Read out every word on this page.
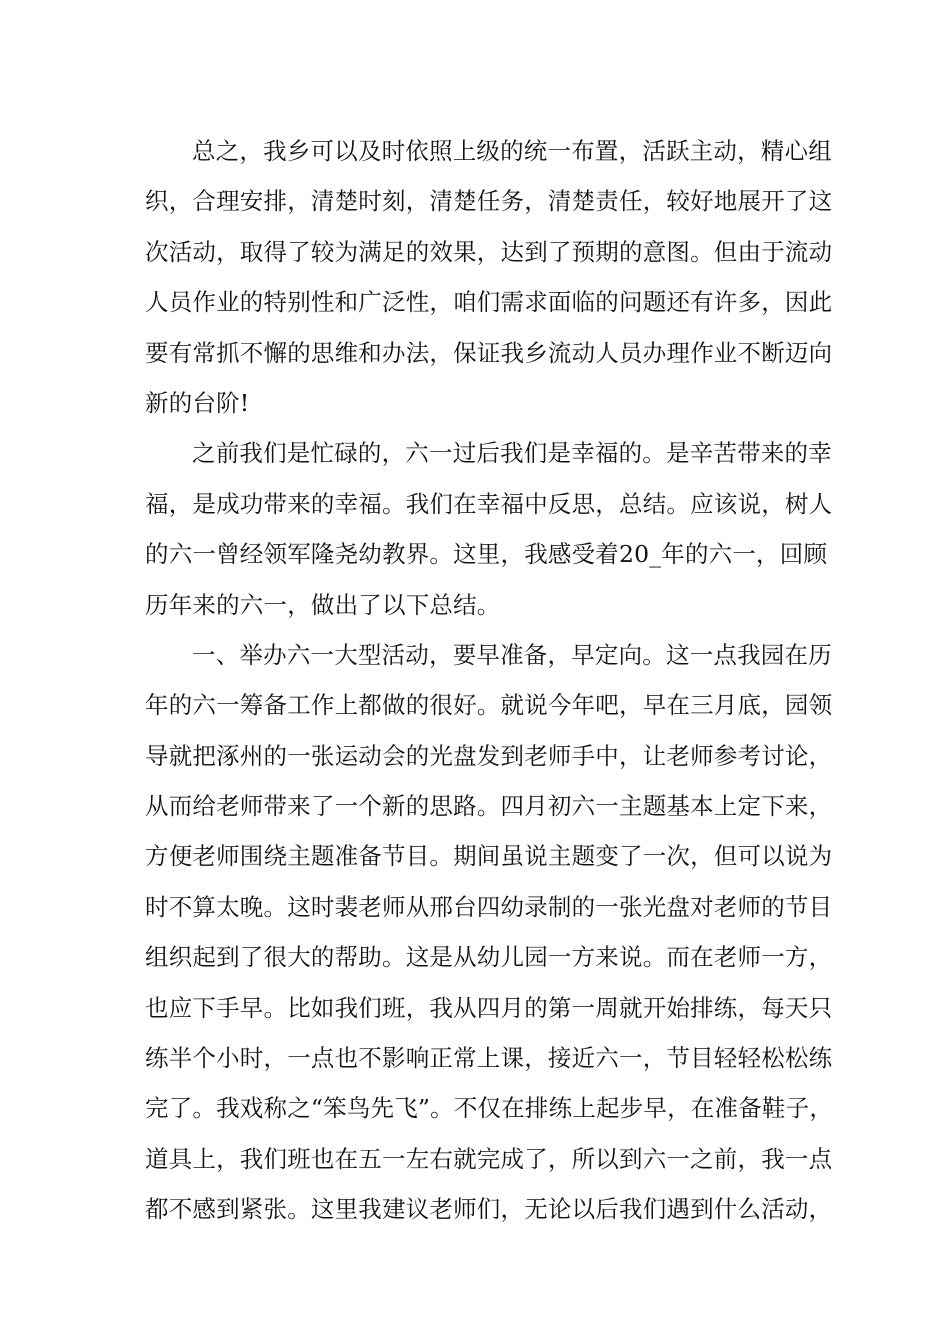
总之，我乡可以及时依照上级的统一布置，活跃主动，精心组
织，合理安排，清楚时刻，清楚任务，清楚责任，较好地展开了这
次活动，取得了较为满足的效果，达到了预期的意图。但由于流动
人员作业的特别性和广泛性，咱们需求面临的问题还有许多，因此
要有常抓不懈的思维和办法，保证我乡流动人员办理作业不断迈向
新的台阶!
之前我们是忙碌的，六一过后我们是幸福的。是辛苦带来的幸
福，是成功带来的幸福。我们在幸福中反思，总结。应该说，树人
的六一曾经领军隆尧幼教界。这里，我感受着20_年的六一，回顾
历年来的六一，做出了以下总结。
一、举办六一大型活动，要早准备，早定向。这一点我园在历
年的六一筹备工作上都做的很好。就说今年吧，早在三月底，园领
导就把涿州的一张运动会的光盘发到老师手中，让老师参考讨论，
从而给老师带来了一个新的思路。四月初六一主题基本上定下来，
方便老师围绕主题准备节目。期间虽说主题变了一次，但可以说为
时不算太晚。这时裴老师从邢台四幼录制的一张光盘对老师的节目
组织起到了很大的帮助。这是从幼儿园一方来说。而在老师一方，
也应下手早。比如我们班，我从四月的第一周就开始排练，每天只
练半个小时，一点也不影响正常上课，接近六一，节目轻轻松松练
完了。我戏称之“笨鸟先飞”。不仅在排练上起步早，在准备鞋子，
道具上，我们班也在五一左右就完成了，所以到六一之前，我一点
都不感到紧张。这里我建议老师们，无论以后我们遇到什么活动，
